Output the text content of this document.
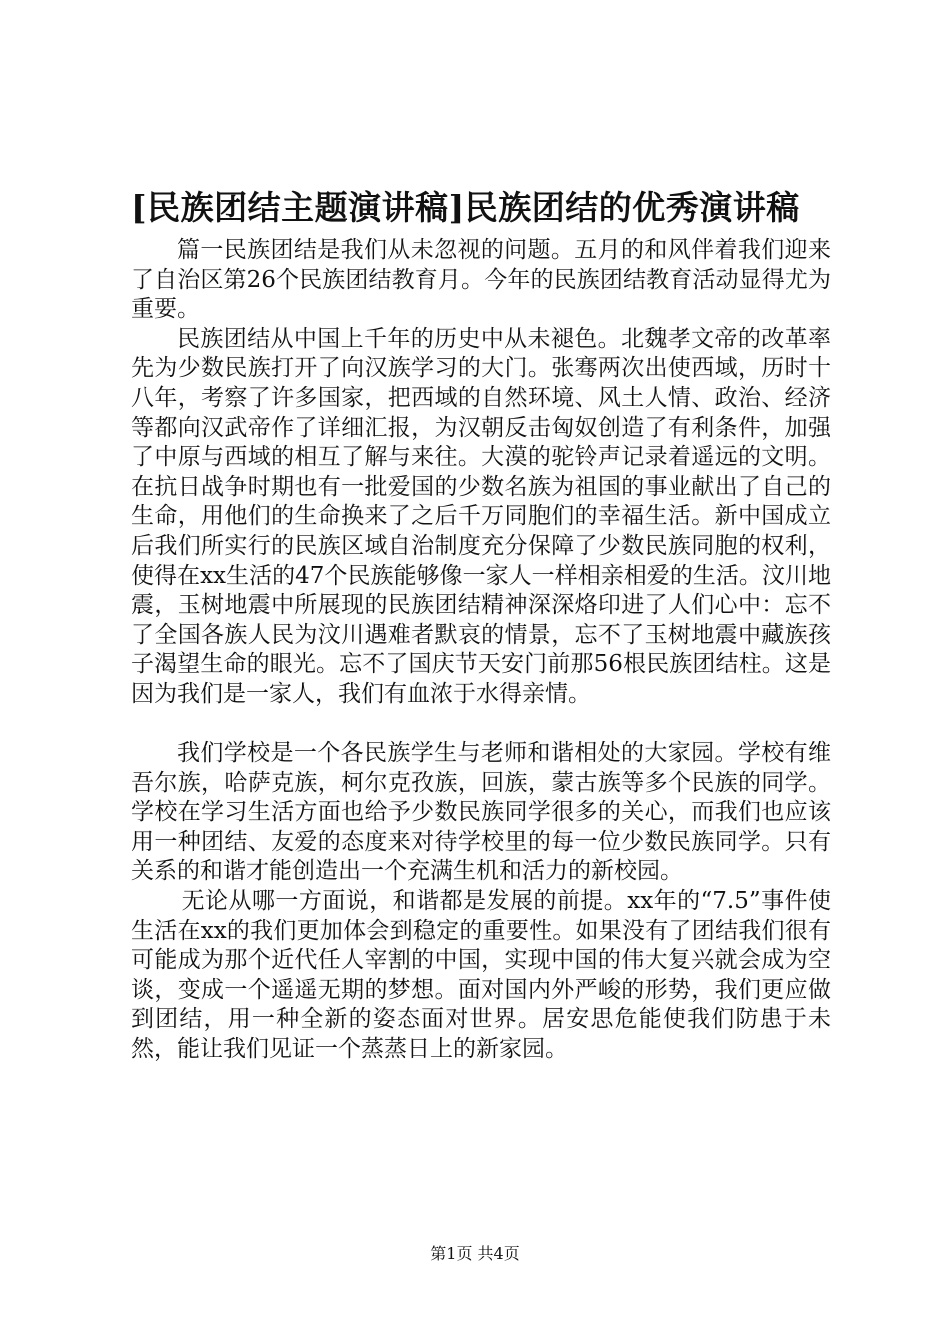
[民族团结主题演讲稿]民族团结的优秀演讲稿

篇一民族团结是我们从未忽视的问题。五月的和风伴着我们迎来了自治区第26个民族团结教育月。今年的民族团结教育活动显得尤为重要。

民族团结从中国上千年的历史中从未褪色。北魏孝文帝的改革率先为少数民族打开了向汉族学习的大门。张骞两次出使西域，历时十八年，考察了许多国家，把西域的自然环境、风土人情、政治、经济等都向汉武帝作了详细汇报，为汉朝反击匈奴创造了有利条件，加强了中原与西域的相互了解与来往。大漠的驼铃声记录着遥远的文明。在抗日战争时期也有一批爱国的少数名族为祖国的事业献出了自己的生命，用他们的生命换来了之后千万同胞们的幸福生活。新中国成立后我们所实行的民族区域自治制度充分保障了少数民族同胞的权利，使得在xx生活的47个民族能够像一家人一样相亲相爱的生活。汶川地震，玉树地震中所展现的民族团结精神深深烙印进了人们心中：忘不了全国各族人民为汶川遇难者默哀的情景，忘不了玉树地震中藏族孩子渴望生命的眼光。忘不了国庆节天安门前那56根民族团结柱。这是因为我们是一家人，我们有血浓于水得亲情。

我们学校是一个各民族学生与老师和谐相处的大家园。学校有维吾尔族，哈萨克族，柯尔克孜族，回族，蒙古族等多个民族的同学。学校在学习生活方面也给予少数民族同学很多的关心，而我们也应该用一种团结、友爱的态度来对待学校里的每一位少数民族同学。只有关系的和谐才能创造出一个充满生机和活力的新校园。

无论从哪一方面说，和谐都是发展的前提。xx年的“7.5”事件使生活在xx的我们更加体会到稳定的重要性。如果没有了团结我们很有可能成为那个近代任人宰割的中国，实现中国的伟大复兴就会成为空谈，变成一个遥遥无期的梦想。面对国内外严峻的形势，我们更应做到团结，用一种全新的姿态面对世界。居安思危能使我们防患于未然，能让我们见证一个蒸蒸日上的新家园。

第1页 共4页
